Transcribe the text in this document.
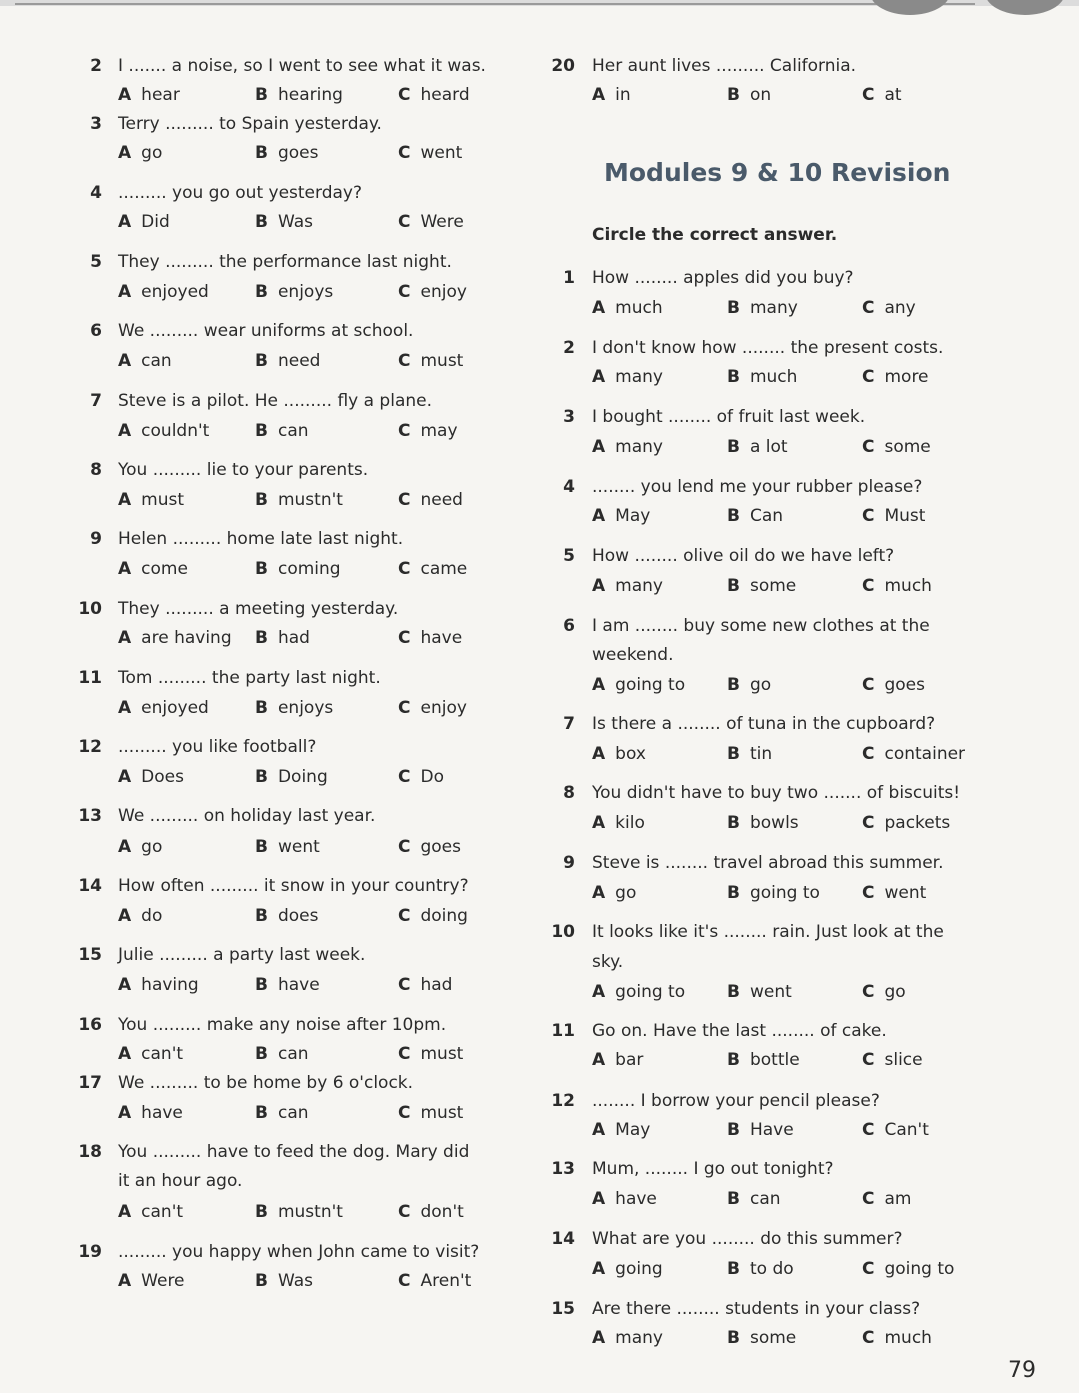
2 I ....... a noise, so I went to see what it was.
A hear	B hearing	C heard
3 Terry ......... to Spain yesterday.
A go	B goes	C went
4 ......... you go out yesterday?
A Did	B Was	C Were
5 They ......... the performance last night.
A enjoyed	B enjoys	C enjoy
6 We ......... wear uniforms at school.
A can	B need	C must
7 Steve is a pilot. He ......... fly a plane.
A couldn't	B can	C may
8 You ......... lie to your parents.
A must	B mustn't	C need
9 Helen ......... home late last night.
A come	B coming	C came
10 They ......... a meeting yesterday.
A are having B had	C have
11 Tom ......... the party last night.
A enjoyed	B enjoys	C enjoy
12 ......... you like football?
A Does	B Doing	C Do
13 We ......... on holiday last year.
A go	B went	C goes
14 How often ......... it snow in your country?
A do	B does	C doing
15 Julie ......... a party last week.
A having	B have	C had
16 You ......... make any noise after 10pm.
A can't	B can	C must
17 We ......... to be home by 6 o'clock.
A have	B can	C must
18 You ......... have to feed the dog. Mary did
it an hour ago.
A can't	B mustn't	C don't
19 ......... you happy when John came to visit?
A Were	B Was	C Aren't
20 Her aunt lives ......... California.
A in	B on	C at
1 How ........ apples did you buy?
A much	B many	C any
2 I don't know how ........ the present costs.
A many	B much	C more
3 I bought ........ of fruit last week.
A many	B a lot	C some
4 ........ you lend me your rubber please?
A May	B Can	C Must
5 How ........ olive oil do we have left?
A many	B some	C much
6 I am ........ buy some new clothes at the
weekend.
A going to B go	C goes
7 Is there a ........ of tuna in the cupboard?
A box	B tin	C container
8 You didn't have to buy two ....... of biscuits!
A kilo	B bowls	C packets
9 Steve is ........ travel abroad this summer.
A go	B going to C went
10 It looks like it's ........ rain. Just look at the
sky.
A going to B went	C go
11 Go on. Have the last ........ of cake.
A bar	B bottle	C slice
12 ........ I borrow your pencil please?
A May	B Have	C Can't
13 Mum, ........ I go out tonight?
A have	B can	C am
14 What are you ........ do this summer?
A going	B to do	C going to
15 Are there ........ students in your class?
A many	B some	C much
Modules 9 & 10 Revision
Circle the correct answer.
79
